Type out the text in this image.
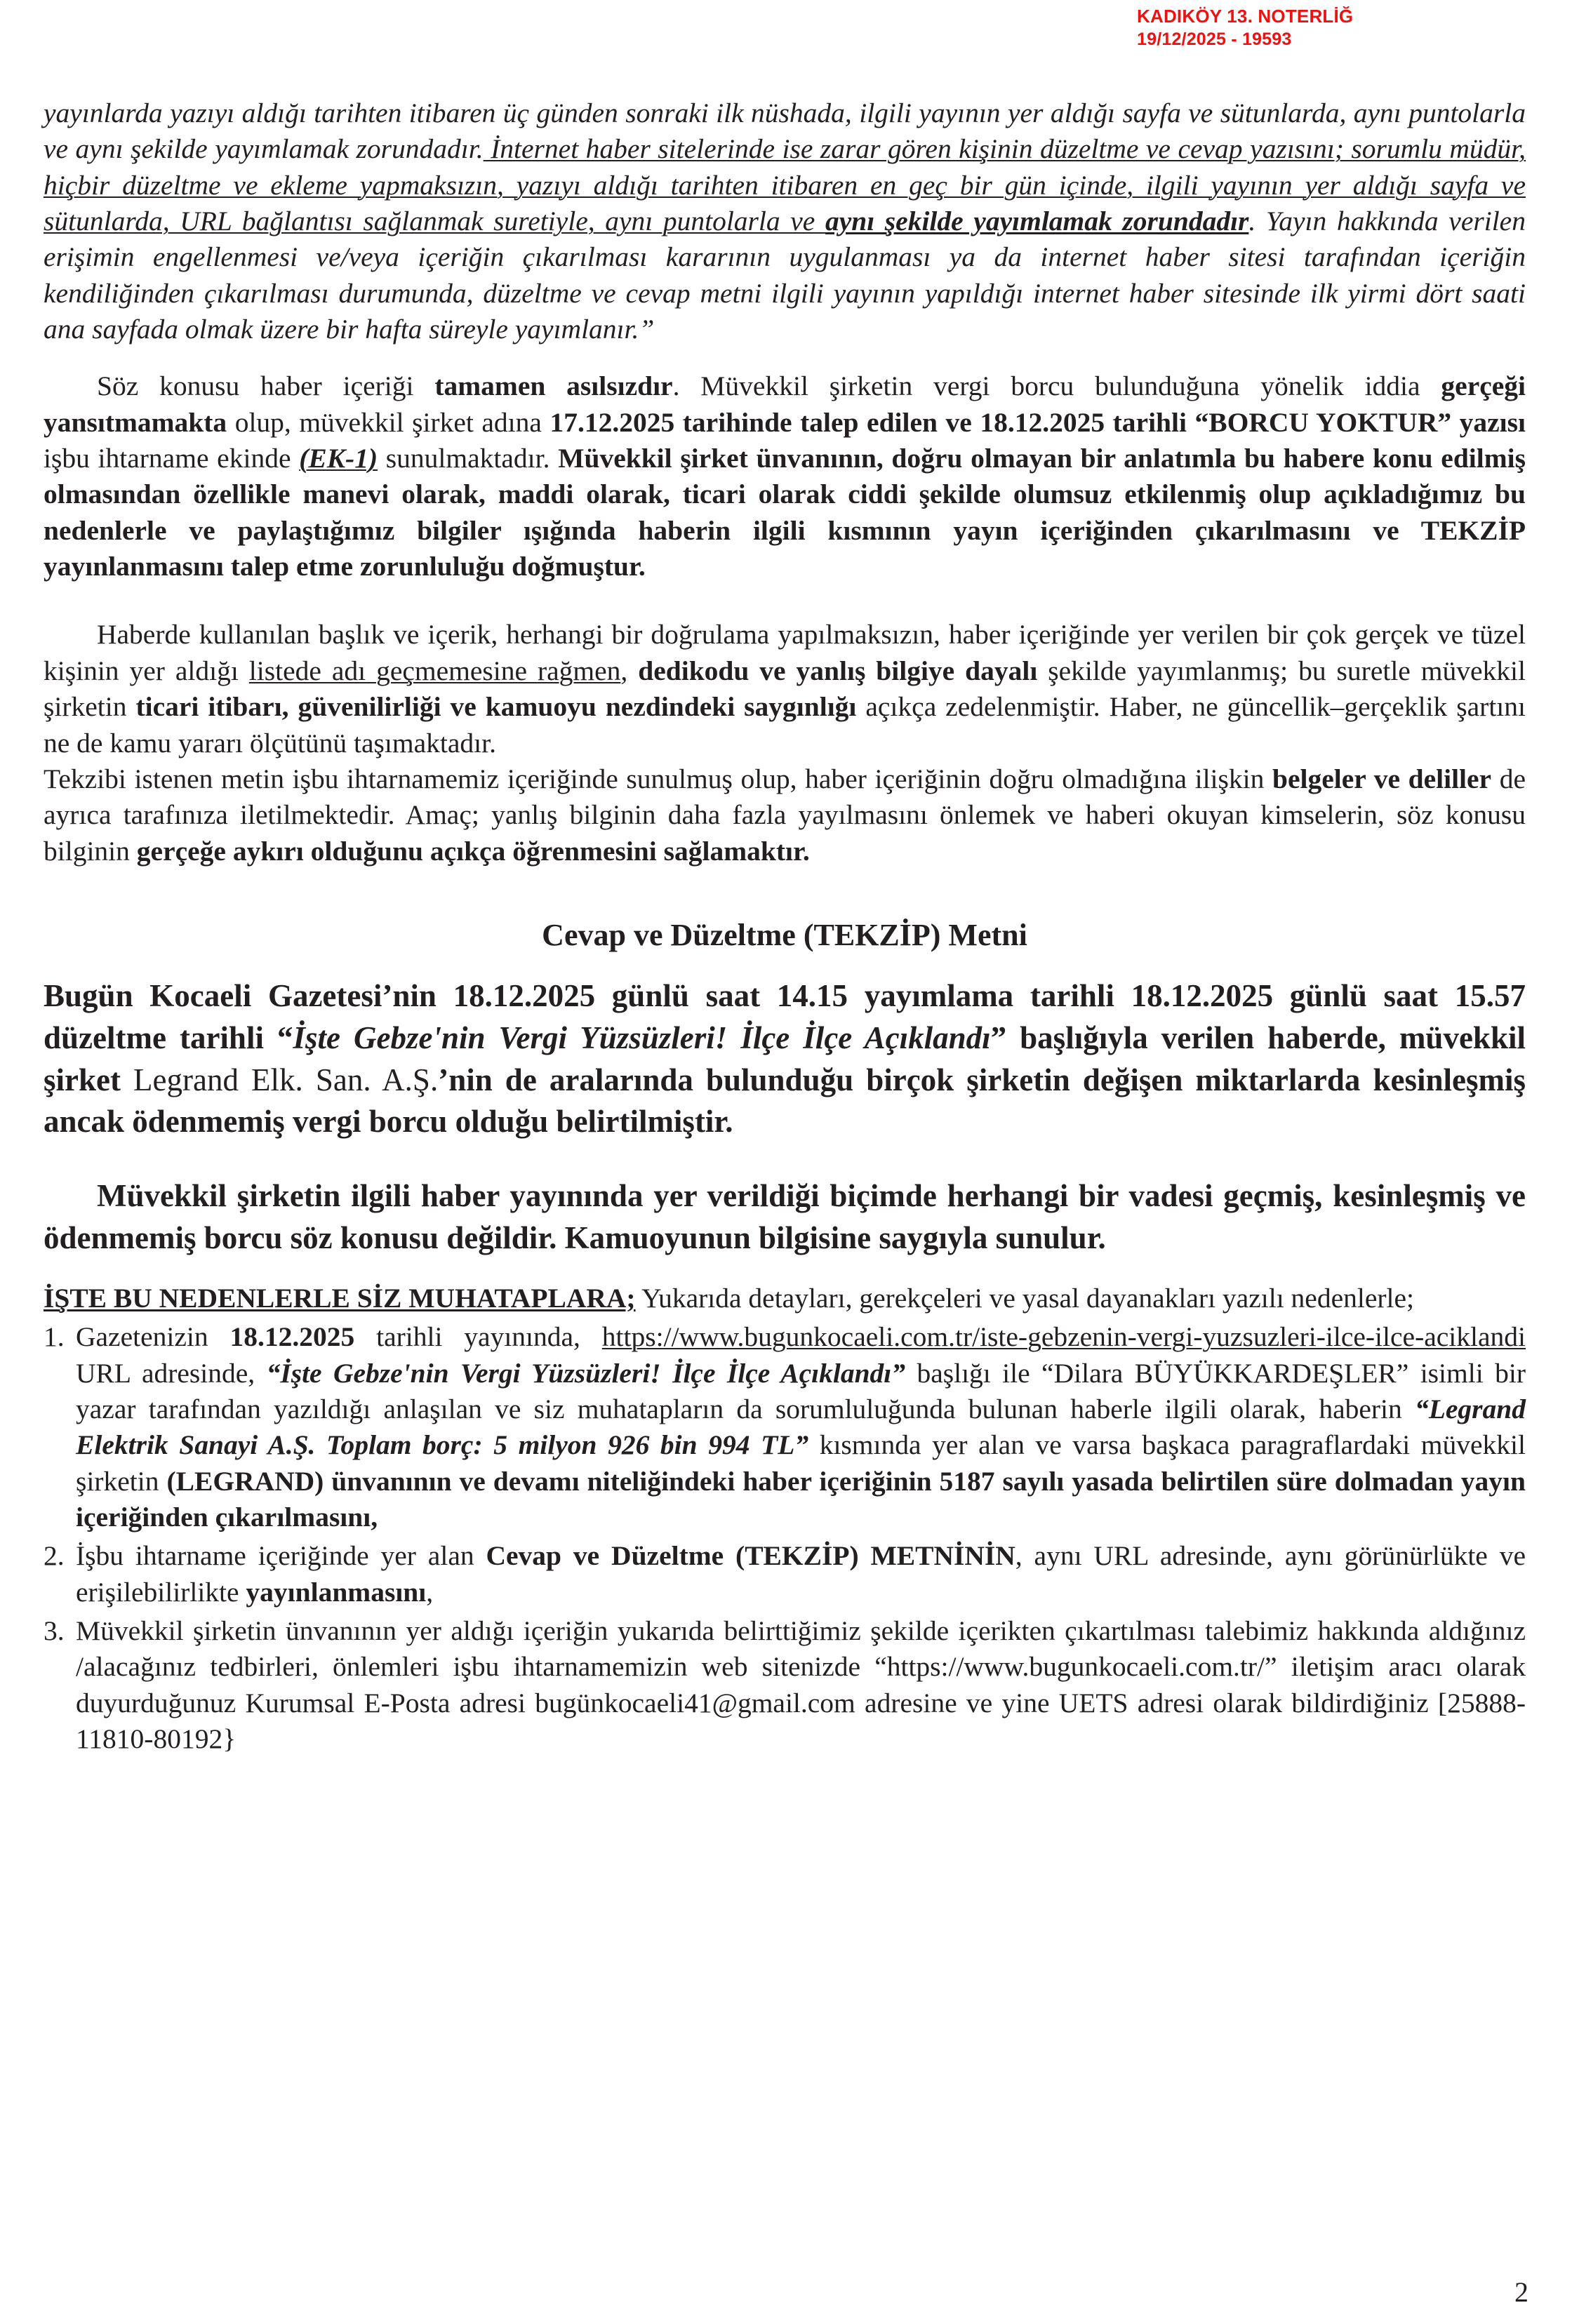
KADIKÖY 13. NOTERLİĞ
19/12/2025 - 19593

yayınlarda yazıyı aldığı tarihten itibaren üç günden sonraki ilk nüshada, ilgili yayının yer aldığı sayfa ve sütunlarda, aynı puntolarla ve aynı şekilde yayımlamak zorundadır. İnternet haber sitelerinde ise zarar gören kişinin düzeltme ve cevap yazısını; sorumlu müdür, hiçbir düzeltme ve ekleme yapmaksızın, yazıyı aldığı tarihten itibaren en geç bir gün içinde, ilgili yayının yer aldığı sayfa ve sütunlarda, URL bağlantısı sağlanmak suretiyle, aynı puntolarla ve aynı şekilde yayımlamak zorundadır. Yayın hakkında verilen erişimin engellenmesi ve/veya içeriğin çıkarılması kararının uygulanması ya da internet haber sitesi tarafından içeriğin kendiliğinden çıkarılması durumunda, düzeltme ve cevap metni ilgili yayının yapıldığı internet haber sitesinde ilk yirmi dört saati ana sayfada olmak üzere bir hafta süreyle yayımlanır.”

Söz konusu haber içeriği tamamen asılsızdır. Müvekkil şirketin vergi borcu bulunduğuna yönelik iddia gerçeği yansıtmamakta olup, müvekkil şirket adına 17.12.2025 tarihinde talep edilen ve 18.12.2025 tarihli “BORCU YOKTUR” yazısı işbu ihtarname ekinde (EK-1) sunulmaktadır. Müvekkil şirket ünvanının, doğru olmayan bir anlatımla bu habere konu edilmiş olmasından özellikle manevi olarak, maddi olarak, ticari olarak ciddi şekilde olumsuz etkilenmiş olup açıkladığımız bu nedenlerle ve paylaştığımız bilgiler ışığında haberin ilgili kısmının yayın içeriğinden çıkarılmasını ve TEKZİP yayınlanmasını talep etme zorunluluğu doğmuştur.

Haberde kullanılan başlık ve içerik, herhangi bir doğrulama yapılmaksızın, haber içeriğinde yer verilen bir çok gerçek ve tüzel kişinin yer aldığı listede adı geçmemesine rağmen, dedikodu ve yanlış bilgiye dayalı şekilde yayımlanmış; bu suretle müvekkil şirketin ticari itibarı, güvenilirliği ve kamuoyu nezdindeki saygınlığı açıkça zedelenmiştir. Haber, ne güncellik–gerçeklik şartını ne de kamu yararı ölçütünü taşımaktadır.

Tekzibi istenen metin işbu ihtarnamemiz içeriğinde sunulmuş olup, haber içeriğinin doğru olmadığına ilişkin belgeler ve deliller de ayrıca tarafınıza iletilmektedir. Amaç; yanlış bilginin daha fazla yayılmasını önlemek ve haberi okuyan kimselerin, söz konusu bilginin gerçeğe aykırı olduğunu açıkça öğrenmesini sağlamaktır.

Cevap ve Düzeltme (TEKZİP) Metni

Bugün Kocaeli Gazetesi’nin 18.12.2025 günlü saat 14.15 yayımlama tarihli 18.12.2025 günlü saat 15.57 düzeltme tarihli “İşte Gebze'nin Vergi Yüzsüzleri! İlçe İlçe Açıklandı” başlığıyla verilen haberde, müvekkil şirket Legrand Elk. San. A.Ş.’nin de aralarında bulunduğu birçok şirketin değişen miktarlarda kesinleşmiş ancak ödenmemiş vergi borcu olduğu belirtilmiştir.

Müvekkil şirketin ilgili haber yayınında yer verildiği biçimde herhangi bir vadesi geçmiş, kesinleşmiş ve ödenmemiş borcu söz konusu değildir. Kamuoyunun bilgisine saygıyla sunulur.

İŞTE BU NEDENLERLE SİZ MUHATAPLARA; Yukarıda detayları, gerekçeleri ve yasal dayanakları yazılı nedenlerle;

1. Gazetenizin 18.12.2025 tarihli yayınında, https://www.bugunkocaeli.com.tr/iste-gebzenin-vergi-yuzsuzleri-ilce-ilce-aciklandi URL adresinde, “İşte Gebze'nin Vergi Yüzsüzleri! İlçe İlçe Açıklandı” başlığı ile “Dilara BÜYÜKKARDEŞLER” isimli bir yazar tarafından yazıldığı anlaşılan ve siz muhatapların da sorumluluğunda bulunan haberle ilgili olarak, haberin “Legrand Elektrik Sanayi A.Ş. Toplam borç: 5 milyon 926 bin 994 TL” kısmında yer alan ve varsa başkaca paragraflardaki müvekkil şirketin (LEGRAND) ünvanının ve devamı niteliğindeki haber içeriğinin 5187 sayılı yasada belirtilen süre dolmadan yayın içeriğinden çıkarılmasını,
2. İşbu ihtarname içeriğinde yer alan Cevap ve Düzeltme (TEKZİP) METNİNİN, aynı URL adresinde, aynı görünürlükte ve erişilebilirlikte yayınlanmasını,
3. Müvekkil şirketin ünvanının yer aldığı içeriğin yukarıda belirttiğimiz şekilde içerikten çıkartılması talebimiz hakkında aldığınız /alacağınız tedbirleri, önlemleri işbu ihtarnamemizin web sitenizde “https://www.bugunkocaeli.com.tr/” iletişim aracı olarak duyurduğunuz Kurumsal E-Posta adresi bugünkocaeli41@gmail.com adresine ve yine UETS adresi olarak bildirdiğiniz [25888-11810-80192}
2
